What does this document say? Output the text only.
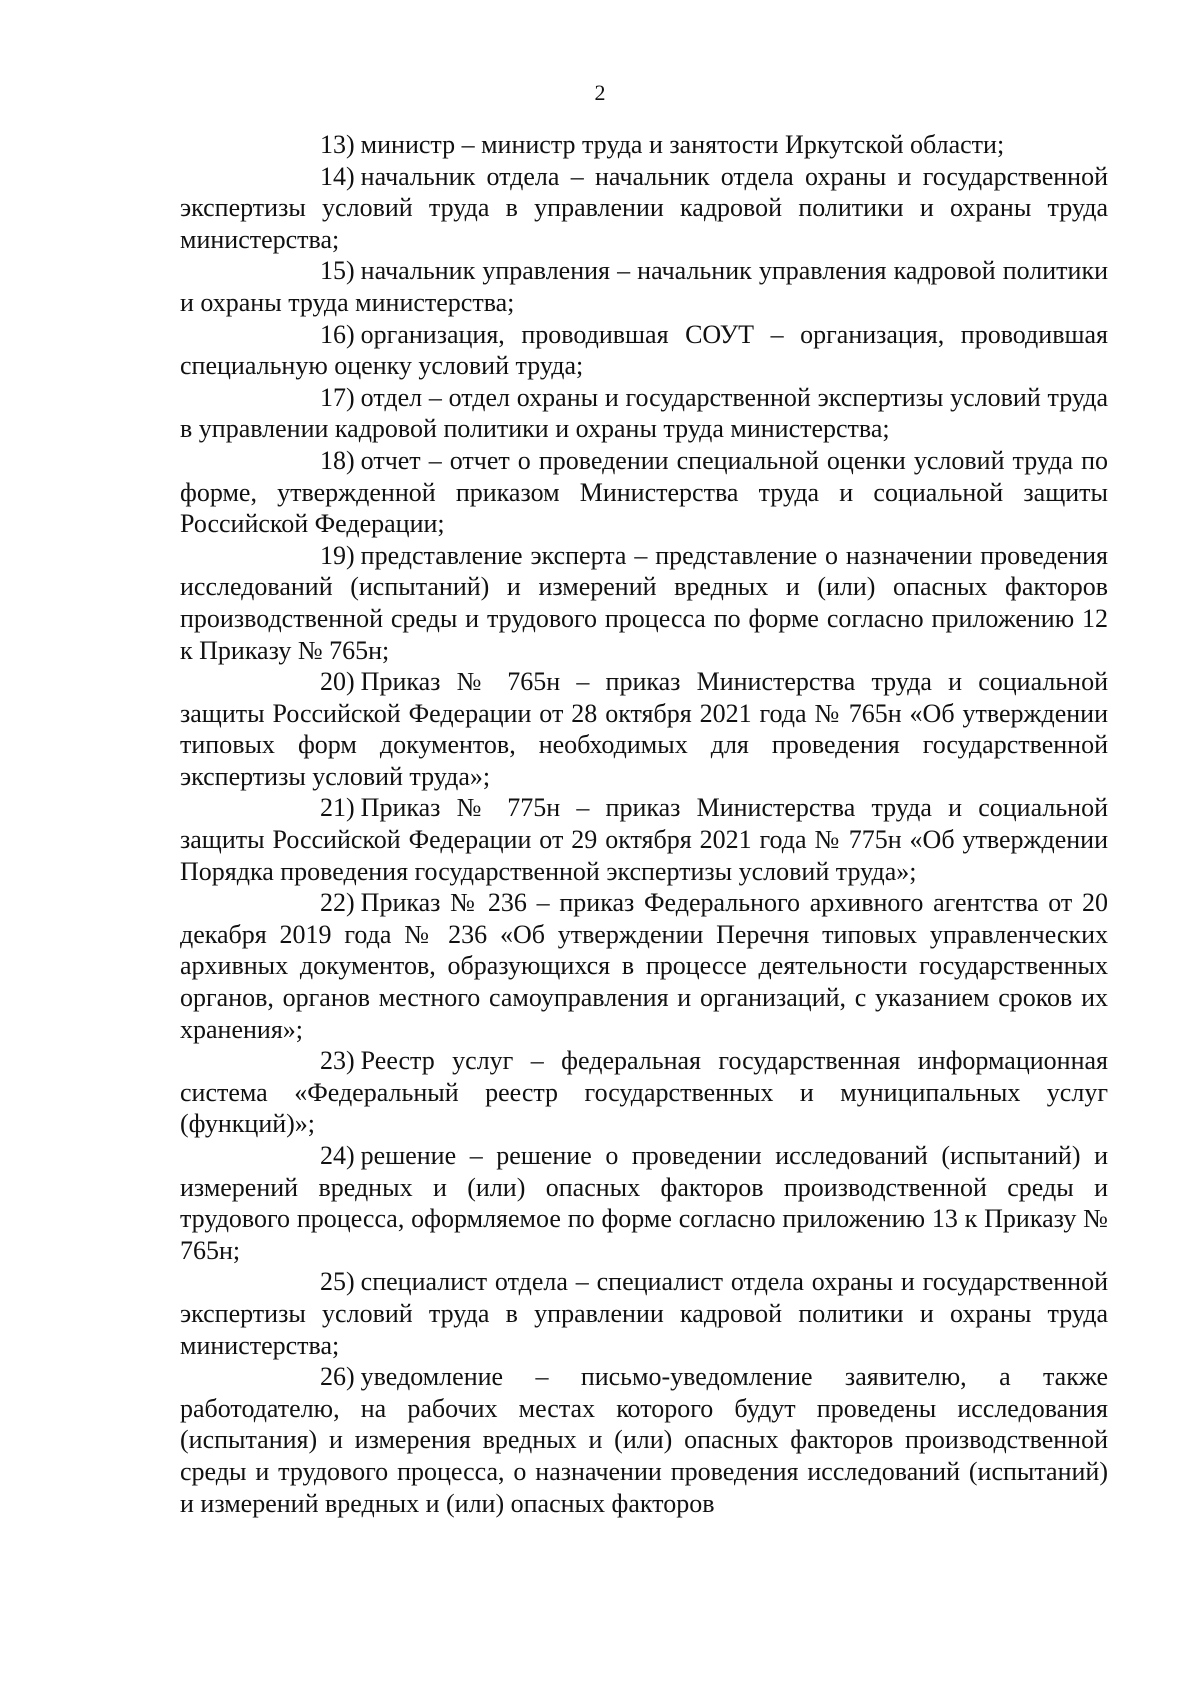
2

13) министр – министр труда и занятости Иркутской области;

14) начальник отдела – начальник отдела охраны и государственной экспертизы условий труда в управлении кадровой политики и охраны труда министерства;

15) начальник управления – начальник управления кадровой политики и охраны труда министерства;

16) организация, проводившая СОУТ – организация, проводившая специальную оценку условий труда;

17) отдел – отдел охраны и государственной экспертизы условий труда в управлении кадровой политики и охраны труда министерства;

18) отчет – отчет о проведении специальной оценки условий труда по форме, утвержденной приказом Министерства труда и социальной защиты Российской Федерации;

19) представление эксперта – представление о назначении проведения исследований (испытаний) и измерений вредных и (или) опасных факторов производственной среды и трудового процесса по форме согласно приложению 12 к Приказу № 765н;

20) Приказ № 765н – приказ Министерства труда и социальной защиты Российской Федерации от 28 октября 2021 года № 765н «Об утверждении типовых форм документов, необходимых для проведения государственной экспертизы условий труда»;

21) Приказ № 775н – приказ Министерства труда и социальной защиты Российской Федерации от 29 октября 2021 года № 775н «Об утверждении Порядка проведения государственной экспертизы условий труда»;

22) Приказ № 236 – приказ Федерального архивного агентства от 20 декабря 2019 года № 236 «Об утверждении Перечня типовых управленческих архивных документов, образующихся в процессе деятельности государственных органов, органов местного самоуправления и организаций, с указанием сроков их хранения»;

23) Реестр услуг – федеральная государственная информационная система «Федеральный реестр государственных и муниципальных услуг (функций)»;

24) решение – решение о проведении исследований (испытаний) и измерений вредных и (или) опасных факторов производственной среды и трудового процесса, оформляемое по форме согласно приложению 13 к Приказу № 765н;

25) специалист отдела – специалист отдела охраны и государственной экспертизы условий труда в управлении кадровой политики и охраны труда министерства;

26) уведомление – письмо-уведомление заявителю, а также работодателю, на рабочих местах которого будут проведены исследования (испытания) и измерения вредных и (или) опасных факторов производственной среды и трудового процесса, о назначении проведения исследований (испытаний) и измерений вредных и (или) опасных факторов
